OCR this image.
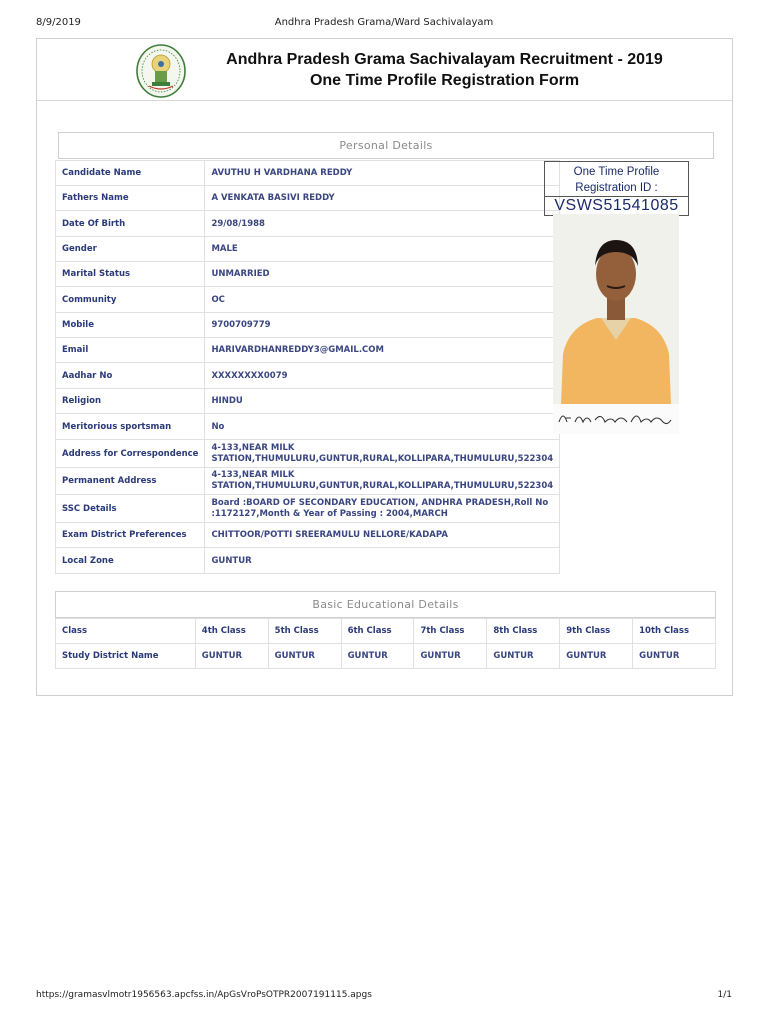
8/9/2019	Andhra Pradesh Grama/Ward Sachivalayam
Andhra Pradesh Grama Sachivalayam Recruitment - 2019
One Time Profile Registration Form
Personal Details
Candidate Name	AVUTHU H VARDHANA REDDY
Fathers Name	A VENKATA BASIVI REDDY
Date Of Birth	29/08/1988
Gender	MALE
Marital Status	UNMARRIED
Community	OC
Mobile	9700709779
Email	HARIVARDHANREDDY3@GMAIL.COM
Aadhar No	XXXXXXXX0079
Religion	HINDU
Meritorious sportsman	No
Address for Correspondence	4-133,NEAR MILK STATION,THUMULURU,GUNTUR,RURAL,KOLLIPARA,THUMULURU,522304
Permanent Address	4-133,NEAR MILK STATION,THUMULURU,GUNTUR,RURAL,KOLLIPARA,THUMULURU,522304
SSC Details	Board :BOARD OF SECONDARY EDUCATION, ANDHRA PRADESH,Roll No :1172127,Month & Year of Passing : 2004,MARCH
Exam District Preferences	CHITTOOR/POTTI SREERAMULU NELLORE/KADAPA
Local Zone	GUNTUR
One Time Profile Registration ID :
VSWS51541085
Basic Educational Details
Class	4th Class	5th Class	6th Class	7th Class	8th Class	9th Class	10th Class
Study District Name	GUNTUR	GUNTUR	GUNTUR	GUNTUR	GUNTUR	GUNTUR	GUNTUR
https://gramasvlmotr1956563.apcfss.in/ApGsVroPsOTPR2007191115.apgs	1/1
